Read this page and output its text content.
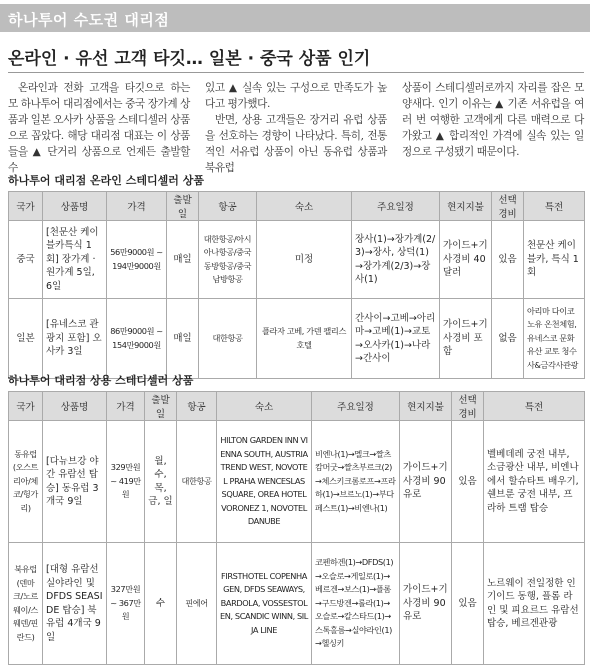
하나투어 수도권 대리점
온라인 · 유선 고객 타깃… 일본 · 중국 상품 인기

온라인과 전화 고객을 타깃으로 하는 모 하나투어 대리점에서는 중국 장가계 상품과 일본 오사카 상품을 스테디셀러 상품으로 꼽았다. 해당 대리점 대표는 이 상품들을 ▲ 단거리 상품으로 언제든 출발할 수

있고 ▲ 실속 있는 구성으로 만족도가 높다고 평가했다.

반면, 상용 고객들은 장거리 유럽 상품을 선호하는 경향이 나타났다. 특히, 전통적인 서유럽 상품이 아닌 동유럽 상품과 북유럽

상품이 스테디셀러로까지 자리를 잡은 모양새다. 인기 이유는 ▲ 기존 서유럽을 여러 번 여행한 고객에게 다른 매력으로 다가왔고 ▲ 합리적인 가격에 실속 있는 일정으로 구성됐기 때문이다.

하나투어 대리점 온라인 스테디셀러 상품
국가	상품명	가격	출발일	항공	숙소	주요일정	현지지불	선택경비	특전
중국	[천문산 케이블카특식 1회] 장가계 · 원가계 5일, 6일	56만9000원 ~ 194만9000원	매일	대한항공/아시아나항공/중국동방항공/중국남방항공	미정	장사(1)→장가계(2/3)→장사, 상덕(1)→장가계(2/3)→장사(1)	가이드+기사경비 40달러	있음	천문산 케이블카, 특식 1회
일본	[유네스코 관광지 포함] 오사카 3일	86만9000원 ~ 154만9000원	매일	대한항공	플라자 고베, 가덴 팰리스 호텔	간사이→고베→아리마→고베(1)→교토→오사카(1)→나라→간사이	가이드+기사경비 포함	없음	아리마 다이코노유 온천체험, 유네스코 문화유산 교토 청수사&금각사관광
하나투어 대리점 상용 스테디셀러 상품
국가	상품명	가격	출발일	항공	숙소	주요일정	현지지불	선택경비	특전
동유럽(오스트리아/체코/헝가리)	[다뉴브강 야간 유람선 탑승] 동유럽 3개국 9일	329만원 ~ 419만원	월, 수, 목, 금, 일	대한항공	HILTON GARDEN INN VIENNA SOUTH, AUSTRIA TREND WEST, NOVOTEL PRAHA WENCESLAS SQUARE, OREA HOTEL VORONEZ 1, NOVOTEL DANUBE	비엔나(1)→멜크→짤츠캄머굿→짤츠부르크(2)→체스키크롬로프→프라하(1)→브르노(1)→부다페스트(1)→비엔나(1)	가이드+기사경비 90유로	있음	벨베데레 궁전 내부, 소금광산 내부, 비엔나에서 할슈타트 배우기, 쉔브룬 궁전 내부, 프라하 트램 탑승
북유럽(덴마크/노르웨이/스웨덴/핀란드)	[대형 유람선 실야라인 및 DFDS SEASIDE 탑승] 북유럽 4개국 9일	327만원 ~ 367만원	수	핀에어	FIRSTHOTEL COPENHAGEN, DFDS SEAWAYS, BARDOLA, VOSSESTOLEN, SCANDIC WINN, SILJA LINE	코펜하겐(1)→DFDS(1)→오슬로→게일로(1)→베르겐→보스(1)→플롬→구드방겐→롤라(1)→오슬로→칼스타드(1)→스톡홀름→실야라인(1)→헬싱키	가이드+기사경비 90유로	있음	노르웨이 전일정한 인기이드 동행, 플롬 라인 및 피요르드 유람선 탑승, 베르겐관광
